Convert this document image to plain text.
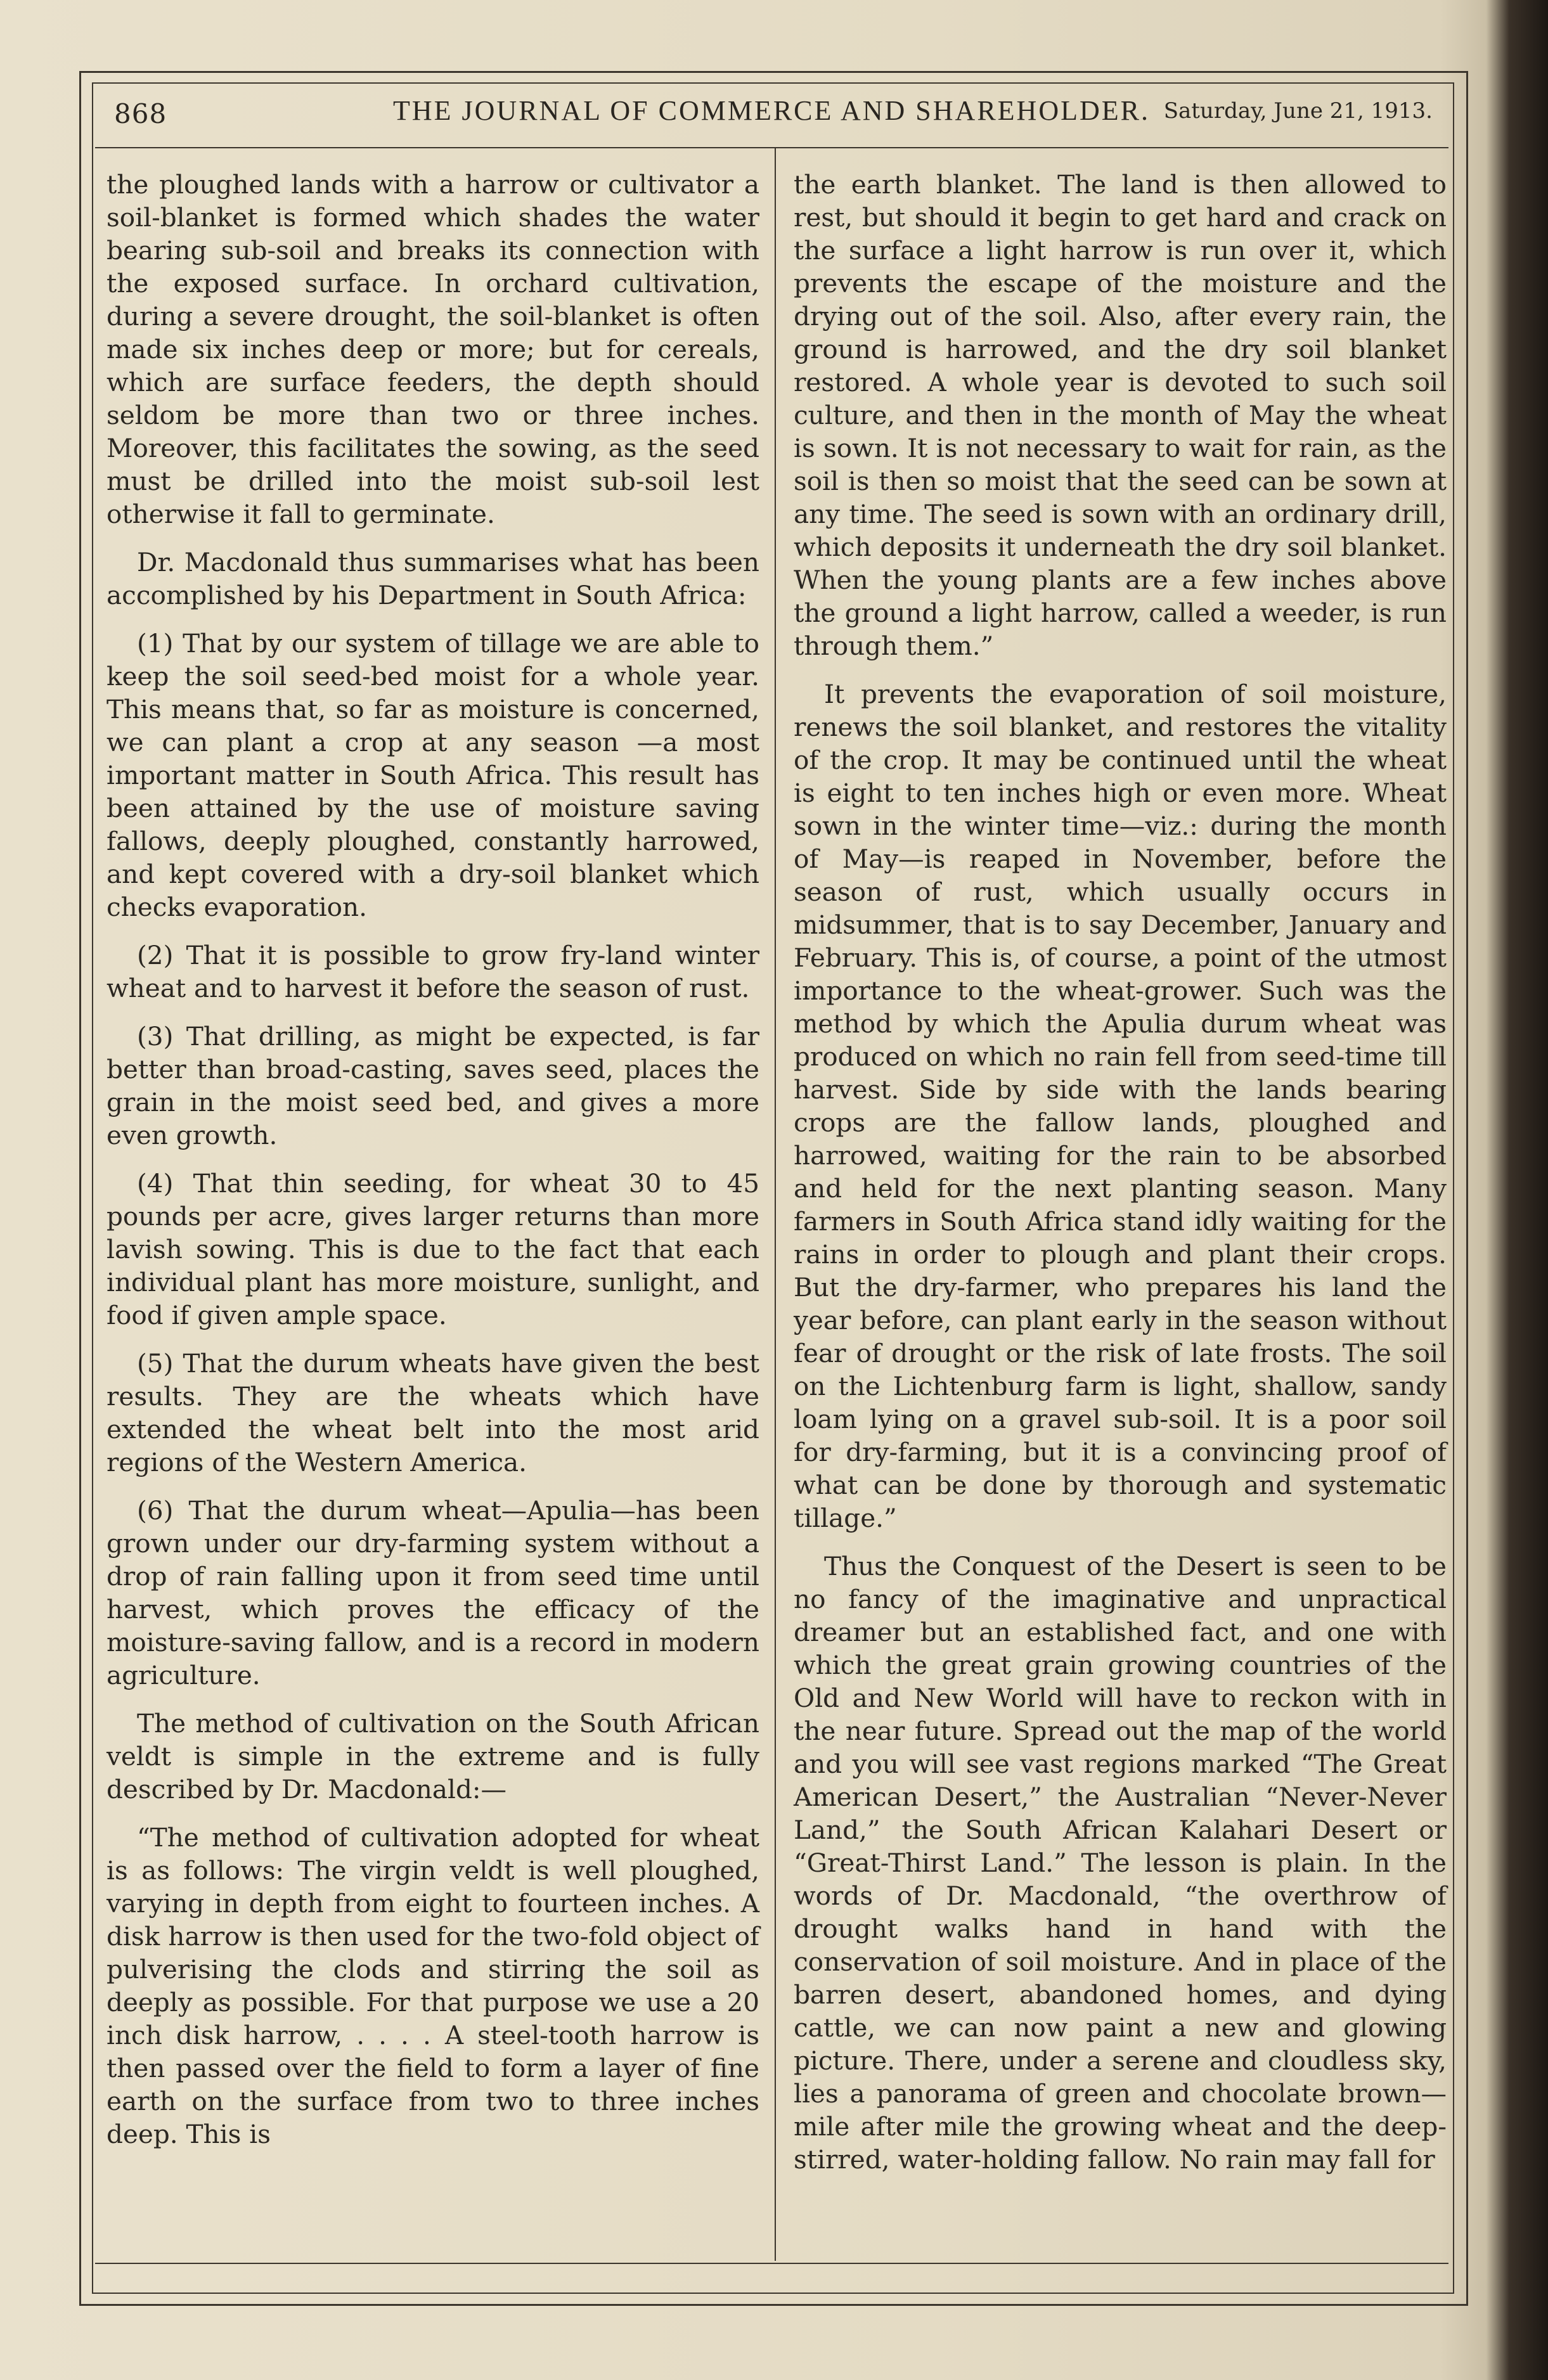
868	THE JOURNAL OF COMMERCE AND SHAREHOLDER. Saturday, June 21, 1913.

the ploughed lands with a harrow or cultivator a soil-blanket is formed which shades the water bearing sub-soil and breaks its connection with the exposed surface. In orchard cultivation, during a severe drought, the soil-blanket is often made six inches deep or more; but for cereals, which are surface feeders, the depth should seldom be more than two or three inches. Moreover, this facilitates the sowing, as the seed must be drilled into the moist sub-soil lest otherwise it fall to germinate.

Dr. Macdonald thus summarises what has been accomplished by his Department in South Africa:

(1) That by our system of tillage we are able to keep the soil seed-bed moist for a whole year. This means that, so far as moisture is concerned, we can plant a crop at any season —a most important matter in South Africa. This result has been attained by the use of moisture saving fallows, deeply ploughed, constantly harrowed, and kept covered with a dry-soil blanket which checks evaporation.

(2) That it is possible to grow fry-land winter wheat and to harvest it before the season of rust.

(3) That drilling, as might be expected, is far better than broad-casting, saves seed, places the grain in the moist seed bed, and gives a more even growth.

(4) That thin seeding, for wheat 30 to 45 pounds per acre, gives larger returns than more lavish sowing. This is due to the fact that each individual plant has more moisture, sunlight, and food if given ample space.

(5) That the durum wheats have given the best results. They are the wheats which have extended the wheat belt into the most arid regions of the Western America.

(6) That the durum wheat—Apulia—has been grown under our dry-farming system without a drop of rain falling upon it from seed time until harvest, which proves the efficacy of the moisture-saving fallow, and is a record in modern agriculture.

The method of cultivation on the South African veldt is simple in the extreme and is fully described by Dr. Macdonald:—

“The method of cultivation adopted for wheat is as follows: The virgin veldt is well ploughed, varying in depth from eight to fourteen inches. A disk harrow is then used for the two-fold object of pulverising the clods and stirring the soil as deeply as possible. For that purpose we use a 20 inch disk harrow, . . . . A steel-tooth harrow is then passed over the field to form a layer of fine earth on the surface from two to three inches deep. This is

the earth blanket. The land is then allowed to rest, but should it begin to get hard and crack on the surface a light harrow is run over it, which prevents the escape of the moisture and the drying out of the soil. Also, after every rain, the ground is harrowed, and the dry soil blanket restored. A whole year is devoted to such soil culture, and then in the month of May the wheat is sown. It is not necessary to wait for rain, as the soil is then so moist that the seed can be sown at any time. The seed is sown with an ordinary drill, which deposits it underneath the dry soil blanket. When the young plants are a few inches above the ground a light harrow, called a weeder, is run through them.”

It prevents the evaporation of soil moisture, renews the soil blanket, and restores the vitality of the crop. It may be continued until the wheat is eight to ten inches high or even more. Wheat sown in the winter time—viz.: during the month of May—is reaped in November, before the season of rust, which usually occurs in midsummer, that is to say December, January and February. This is, of course, a point of the utmost importance to the wheat-grower. Such was the method by which the Apulia durum wheat was produced on which no rain fell from seed-time till harvest. Side by side with the lands bearing crops are the fallow lands, ploughed and harrowed, waiting for the rain to be absorbed and held for the next planting season. Many farmers in South Africa stand idly waiting for the rains in order to plough and plant their crops. But the dry-farmer, who prepares his land the year before, can plant early in the season without fear of drought or the risk of late frosts. The soil on the Lichtenburg farm is light, shallow, sandy loam lying on a gravel sub-soil. It is a poor soil for dry-farming, but it is a convincing proof of what can be done by thorough and systematic tillage.”

Thus the Conquest of the Desert is seen to be no fancy of the imaginative and unpractical dreamer but an established fact, and one with which the great grain growing countries of the Old and New World will have to reckon with in the near future. Spread out the map of the world and you will see vast regions marked “The Great American Desert,” the Australian “Never-Never Land,” the South African Kalahari Desert or “Great-Thirst Land.” The lesson is plain. In the words of Dr. Macdonald, “the overthrow of drought walks hand in hand with the conservation of soil moisture. And in place of the barren desert, abandoned homes, and dying cattle, we can now paint a new and glowing picture. There, under a serene and cloudless sky, lies a panorama of green and chocolate brown—mile after mile the growing wheat and the deep-stirred, water-holding fallow. No rain may fall for
